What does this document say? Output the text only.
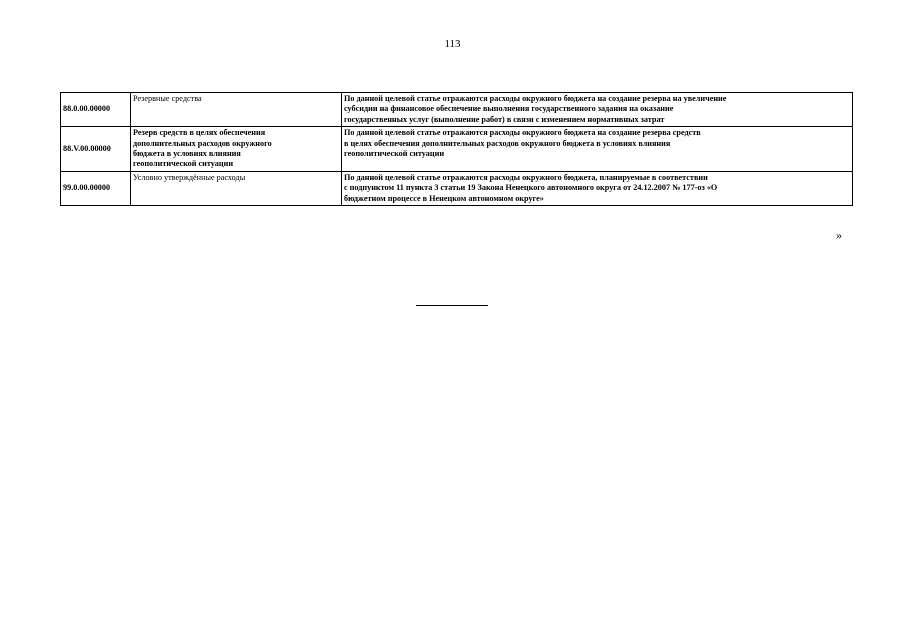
113
88.0.00.00000	Резервные средства	По данной целевой статье отражаются расходы окружного бюджета на создание резерва на увеличение
субсидии на финансовое обеспечение выполнения государственного задания на оказание
государственных услуг (выполнение работ) в связи с изменением нормативных затрат
88.V.00.00000	Резерв средств в целях обеспечения
дополнительных расходов окружного
бюджета в условиях влияния
геополитической ситуации	По данной целевой статье отражаются расходы окружного бюджета на создание резерва средств
в целях обеспечения дополнительных расходов окружного бюджета в условиях влияния
геополитической ситуации
99.0.00.00000	Условно утверждённые расходы	По данной целевой статье отражаются расходы окружного бюджета, планируемые в соответствии
с подпунктом 11 пункта 3 статьи 19 Закона Ненецкого автономного округа от 24.12.2007 № 177-оз «О
бюджетном процессе в Ненецком автономном округе»
»
